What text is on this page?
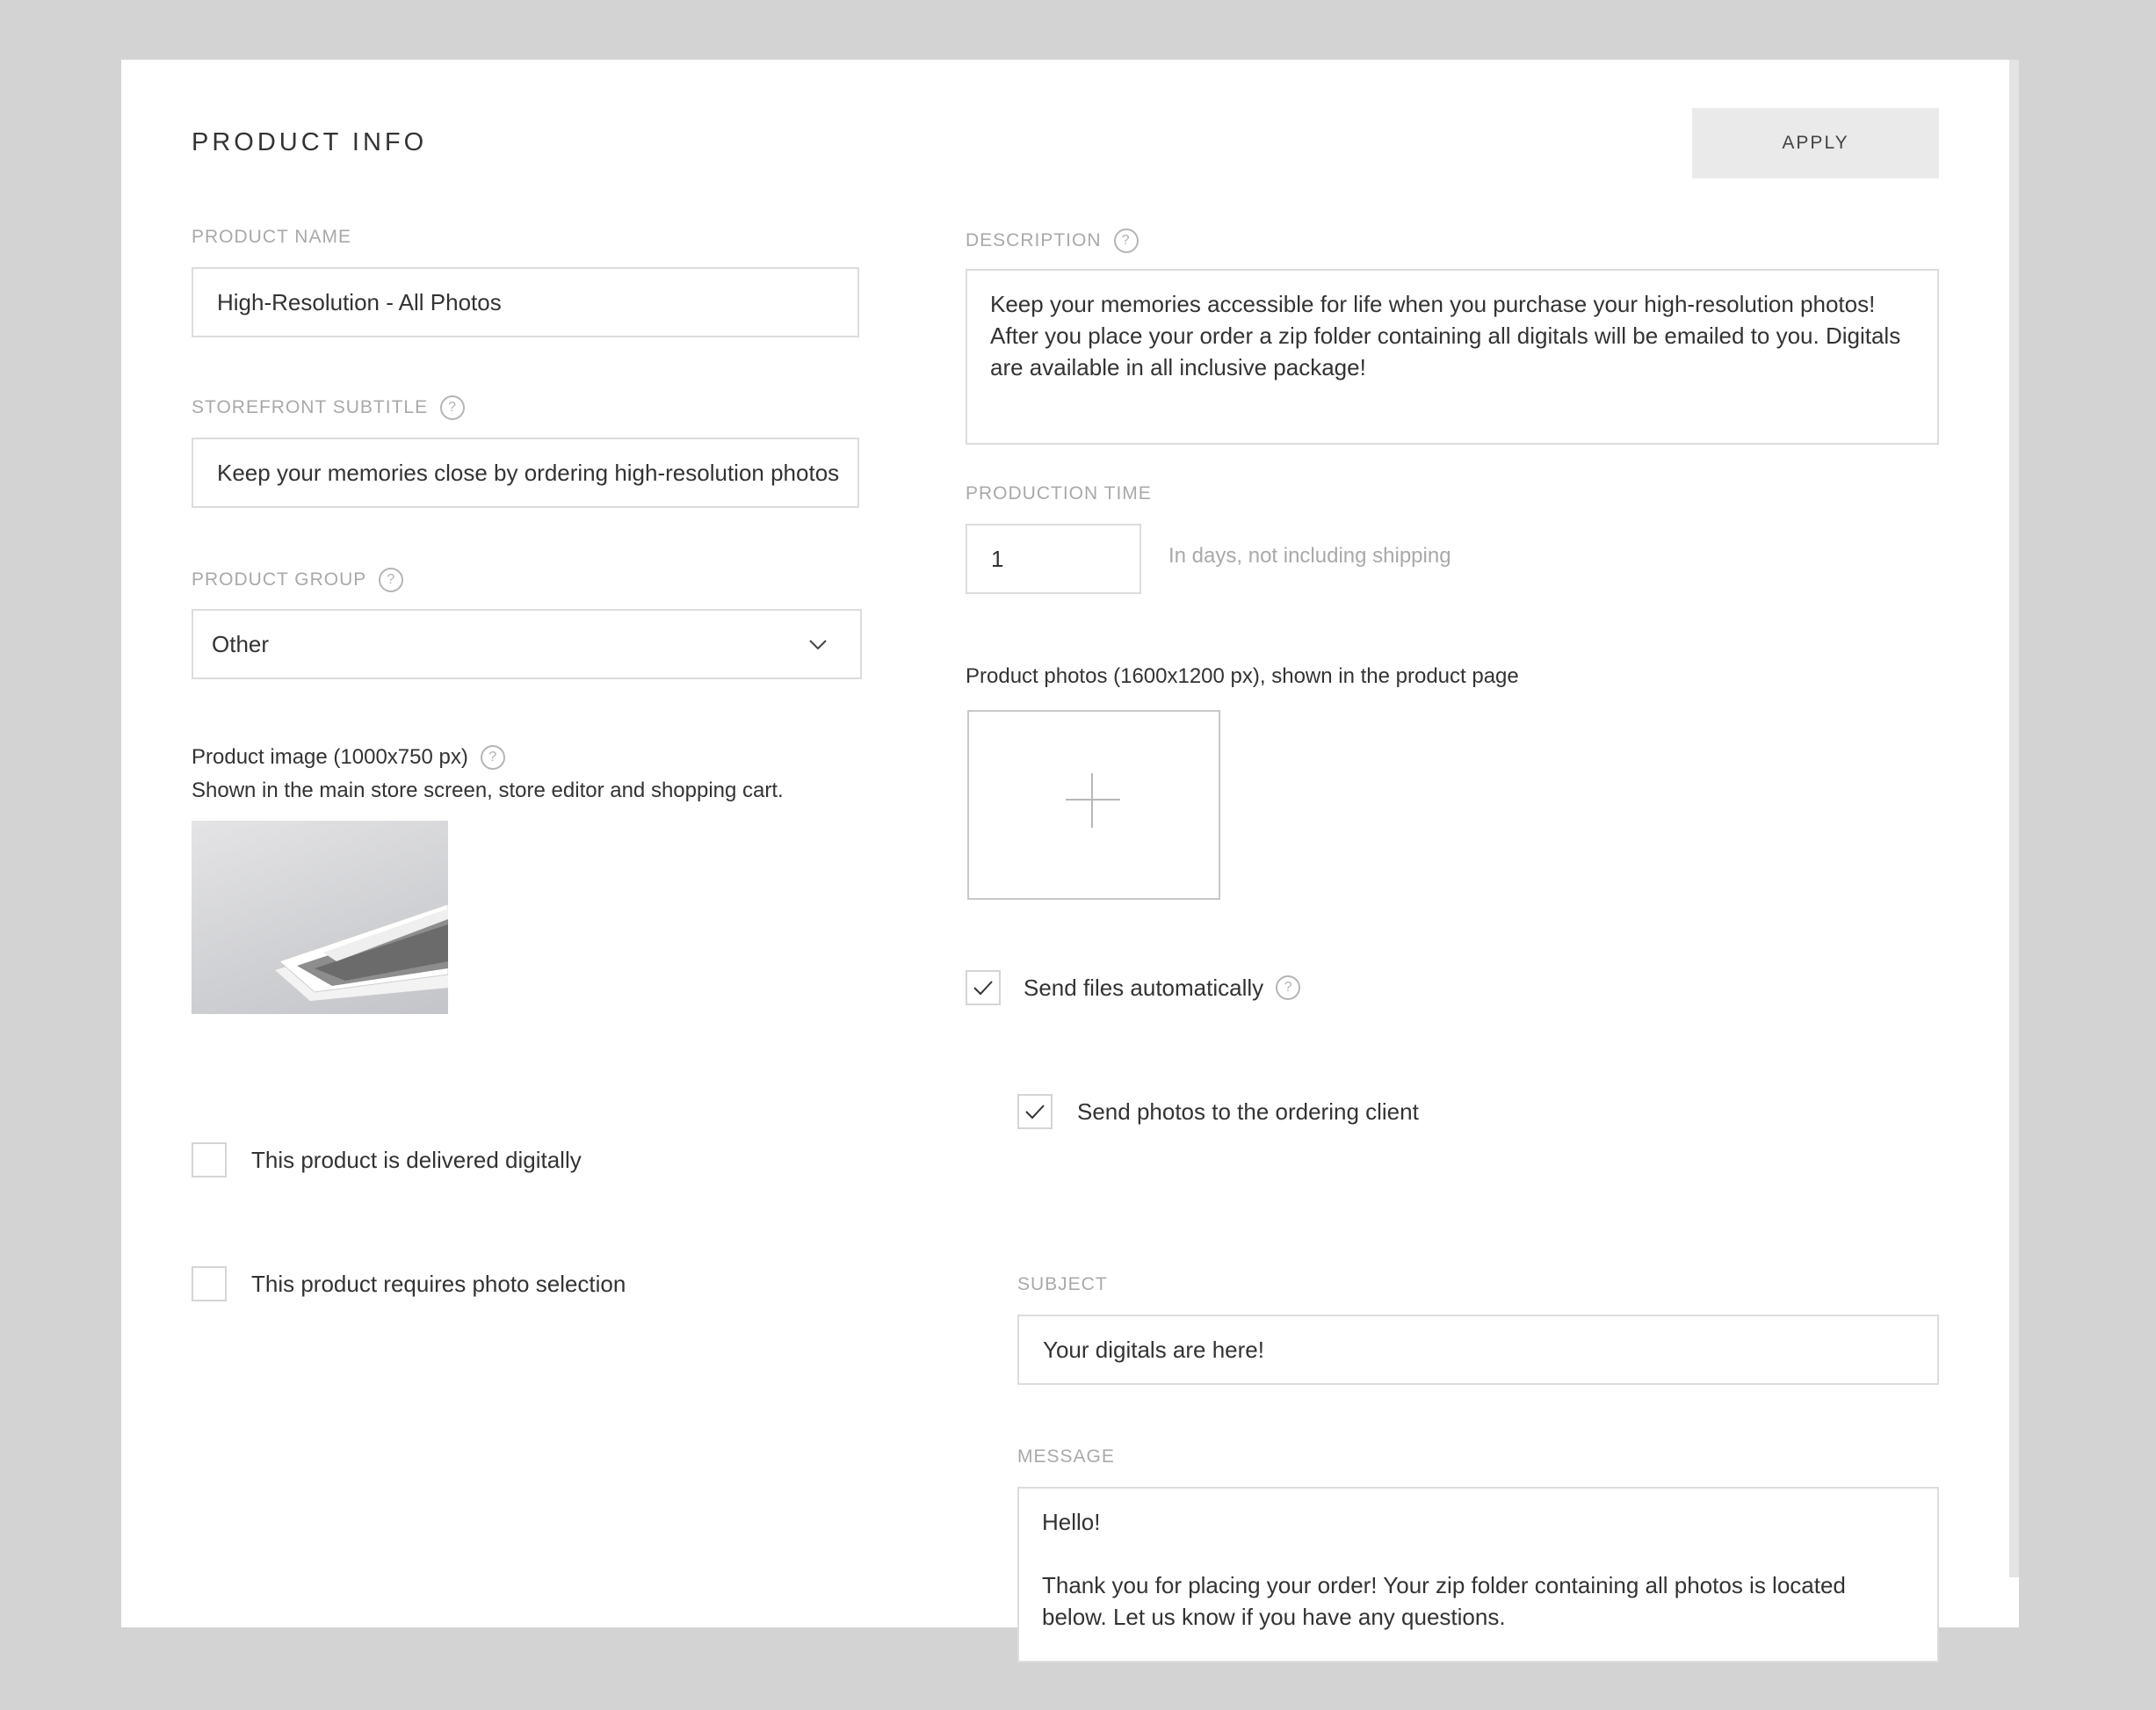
PRODUCT INFO	APPLY
PRODUCT NAME
High-Resolution - All Photos
STOREFRONT SUBTITLE	?
Keep your memories close by ordering high-resolution photos
PRODUCT GROUP	?
Other
Product image (1000x750 px)	?
Shown in the main store screen, store editor and shopping cart.
This product is delivered digitally
This product requires photo selection
DESCRIPTION	?
Keep your memories accessible for life when you purchase your high-resolution photos! After you place your order a zip folder containing all digitals will be emailed to you. Digitals are available in all inclusive package!
PRODUCTION TIME
1	In days, not including shipping
Product photos (1600x1200 px), shown in the product page
Send files automatically	?
Send photos to the ordering client
SUBJECT
Your digitals are here!
MESSAGE
Hello!

Thank you for placing your order! Your zip folder containing all photos is located below. Let us know if you have any questions.
